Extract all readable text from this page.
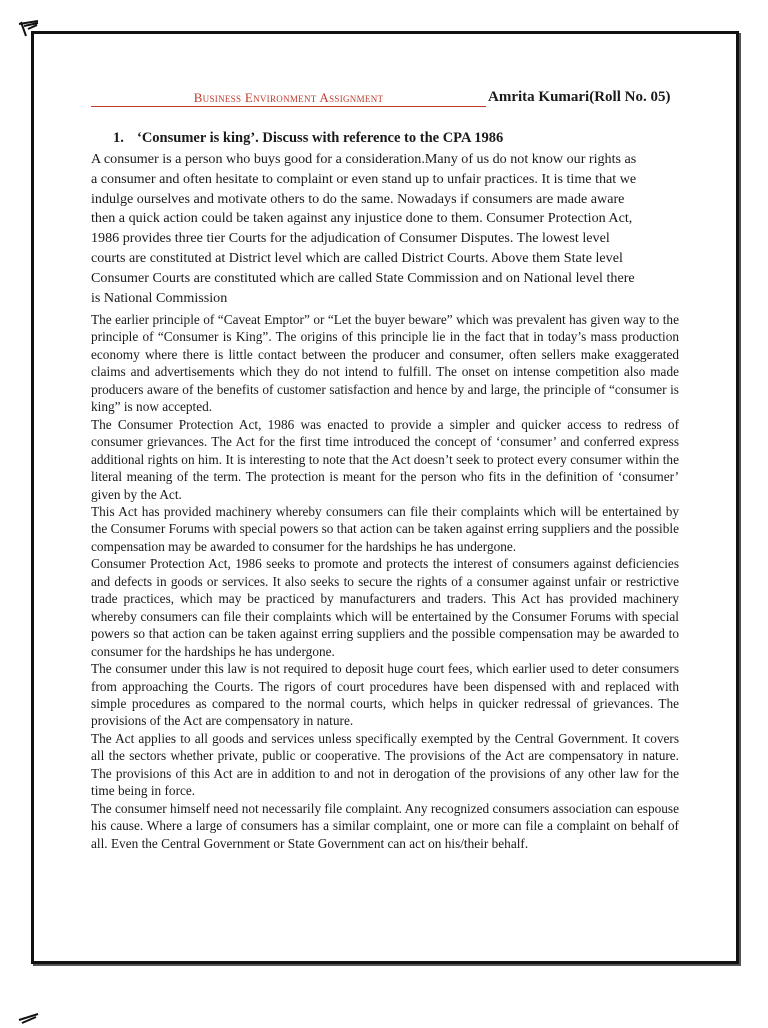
Business Environment Assignment	Amrita Kumari(Roll No. 05)
1. ‘Consumer is king’. Discuss with reference to the CPA 1986
A consumer is a person who buys good for a consideration.Many of us do not know our rights as
a consumer and often hesitate to complaint or even stand up to unfair practices. It is time that we
indulge ourselves and motivate others to do the same. Nowadays if consumers are made aware
then a quick action could be taken against any injustice done to them. Consumer Protection Act,
1986 provides three tier Courts for the adjudication of Consumer Disputes. The lowest level
courts are constituted at District level which are called District Courts. Above them State level
Consumer Courts are constituted which are called State Commission and on National level there
is National Commission

The earlier principle of “Caveat Emptor” or “Let the buyer beware” which was prevalent has given way to the principle of “Consumer is King”. The origins of this principle lie in the fact that in today’s mass production economy where there is little contact between the producer and consumer, often sellers make exaggerated claims and advertisements which they do not intend to fulfill. The onset on intense competition also made producers aware of the benefits of customer satisfaction and hence by and large, the principle of “consumer is king” is now accepted.

The Consumer Protection Act, 1986 was enacted to provide a simpler and quicker access to redress of consumer grievances. The Act for the first time introduced the concept of ‘consumer’ and conferred express additional rights on him. It is interesting to note that the Act doesn’t seek to protect every consumer within the literal meaning of the term. The protection is meant for the person who fits in the definition of ‘consumer’ given by the Act.

This Act has provided machinery whereby consumers can file their complaints which will be entertained by the Consumer Forums with special powers so that action can be taken against erring suppliers and the possible compensation may be awarded to consumer for the hardships he has undergone.

Consumer Protection Act, 1986 seeks to promote and protects the interest of consumers against deficiencies and defects in goods or services. It also seeks to secure the rights of a consumer against unfair or restrictive trade practices, which may be practiced by manufacturers and traders. This Act has provided machinery whereby consumers can file their complaints which will be entertained by the Consumer Forums with special powers so that action can be taken against erring suppliers and the possible compensation may be awarded to consumer for the hardships he has undergone.

The consumer under this law is not required to deposit huge court fees, which earlier used to deter consumers from approaching the Courts. The rigors of court procedures have been dispensed with and replaced with simple procedures as compared to the normal courts, which helps in quicker redressal of grievances. The provisions of the Act are compensatory in nature.

The Act applies to all goods and services unless specifically exempted by the Central Government. It covers all the sectors whether private, public or cooperative. The provisions of the Act are compensatory in nature. The provisions of this Act are in addition to and not in derogation of the provisions of any other law for the time being in force.

The consumer himself need not necessarily file complaint. Any recognized consumers association can espouse his cause. Where a large of consumers has a similar complaint, one or more can file a complaint on behalf of all. Even the Central Government or State Government can act on his/their behalf.
